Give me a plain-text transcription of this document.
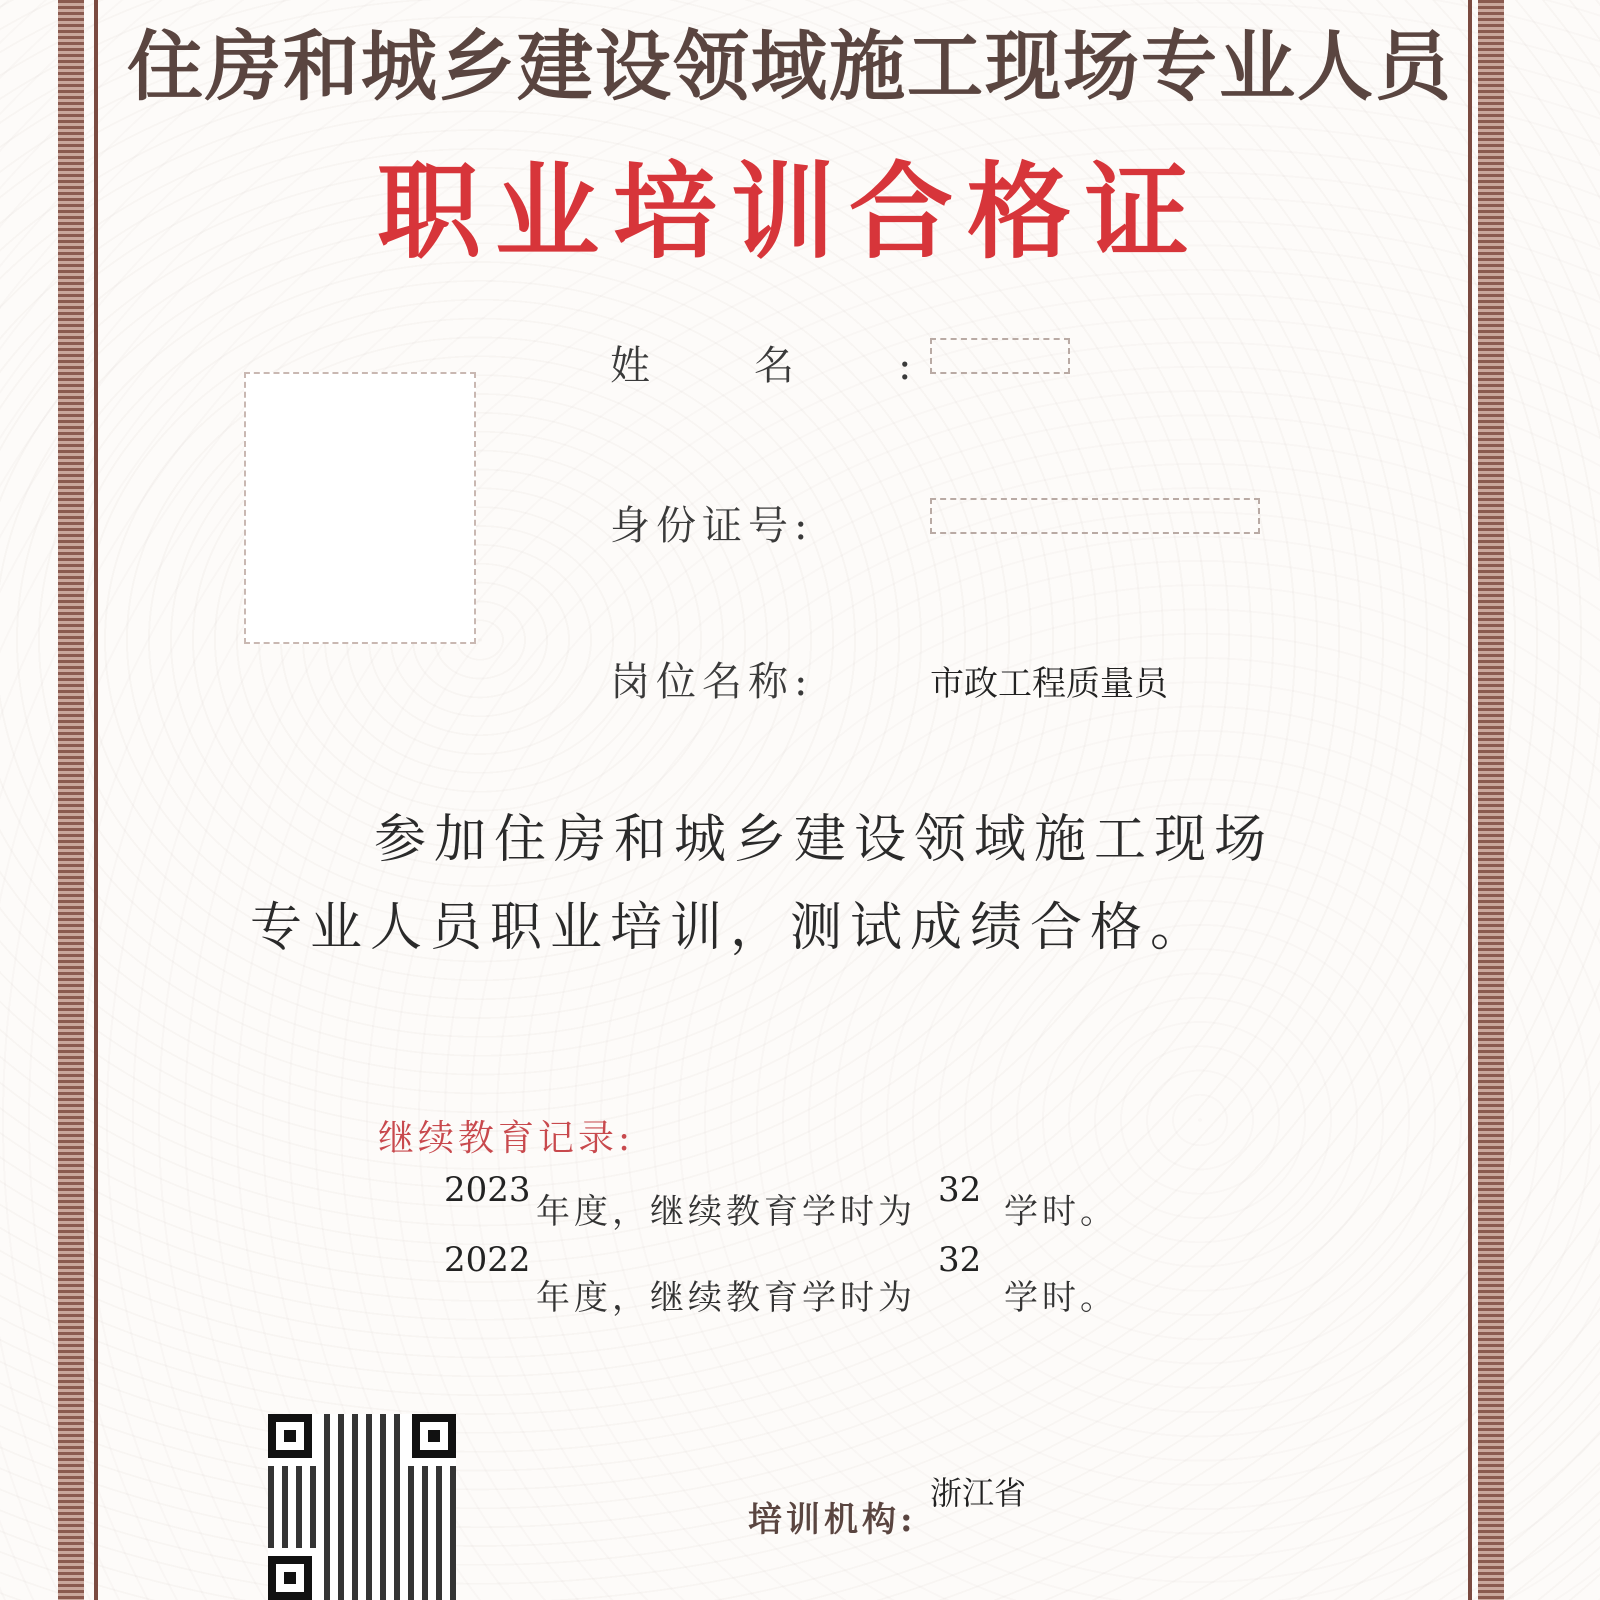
住房和城乡建设领域施工现场专业人员
职业培训合格证
姓名:
身份证号:
岗位名称:	市政工程质量员
参加住房和城乡建设领域施工现场
专业人员职业培训，测试成绩合格。
继续教育记录:
2023
年度，继续教育学时为
32
学时。
2022
年度，继续教育学时为
32
学时。
培训机构:
浙江省
